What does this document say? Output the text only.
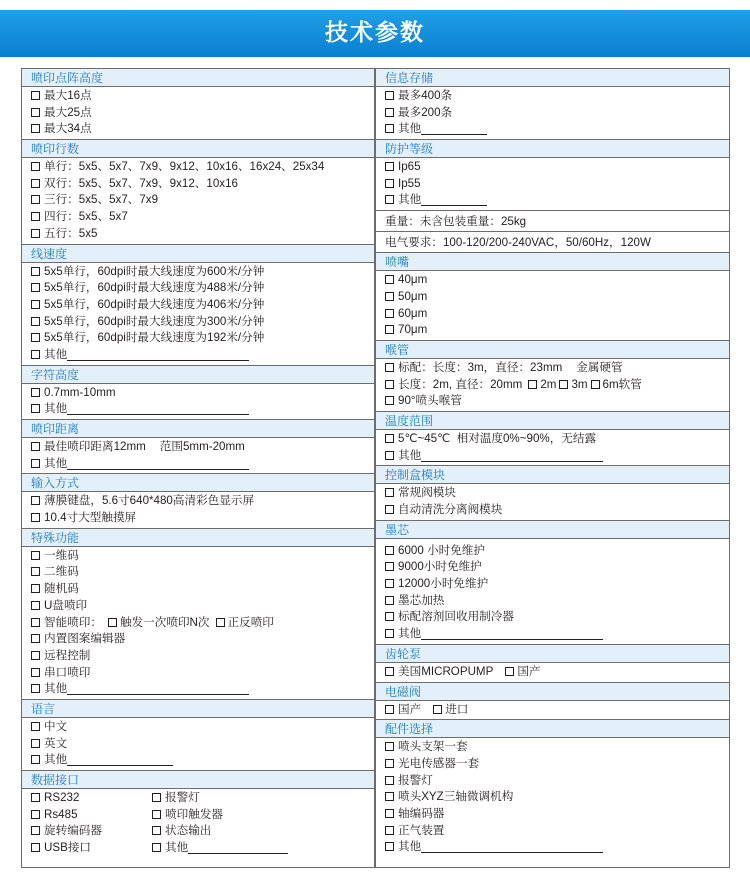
技术参数
喷印点阵高度
最大16点
最大25点
最大34点
喷印行数
单行：5x5、5x7、7x9、9x12、10x16、16x24、25x34
双行：5x5、5x7、7x9、9x12、10x16
三行：5x5、5x7、7x9
四行：5x5、5x7
五行：5x5
线速度
5x5单行，60dpi时最大线速度为600米/分钟
5x5单行，60dpi时最大线速度为488米/分钟
5x5单行，60dpi时最大线速度为406米/分钟
5x5单行，60dpi时最大线速度为300米/分钟
5x5单行，60dpi时最大线速度为192米/分钟
其他
字符高度
0.7mm-10mm
其他
喷印距离
最佳喷印距离12mm 范围5mm-20mm
其他
输入方式
薄膜键盘，5.6寸640*480高清彩色显示屏
10.4寸大型触摸屏
特殊功能
一维码
二维码
随机码
U盘喷印
智能喷印： 触发一次喷印N次 正反喷印
内置图案编辑器
远程控制
串口喷印
其他
语言
中文
英文
其他
数据接口
RS232	报警灯
Rs485	喷印触发器
旋转编码器	状态输出
USB接口	其他
信息存储
最多400条
最多200条
其他
防护等级
Ip65
Ip55
其他
重量：未含包装重量：25kg
电气要求：100-120/200-240VAC，50/60Hz，120W
喷嘴
40μm
50μm
60μm
70μm
喉管
标配：长度：3m，直径：23mm 金属硬管
长度：2m, 直径：20mm 2m 3m 6m软管
90°喷头喉管
温度范围
5℃~45℃  相对温度0%~90%，无结露
其他
控制盒模块
常规阀模块
自动清洗分离阀模块
墨芯
6000 小时免维护
9000小时免维护
12000小时免维护
墨芯加热
标配溶剂回收用制冷器
其他
齿轮泵
美国MICROPUMP 国产
电磁阀
国产 进口
配件选择
喷头支架一套
光电传感器一套
报警灯
喷头XYZ三轴微调机构
轴编码器
正气装置
其他
